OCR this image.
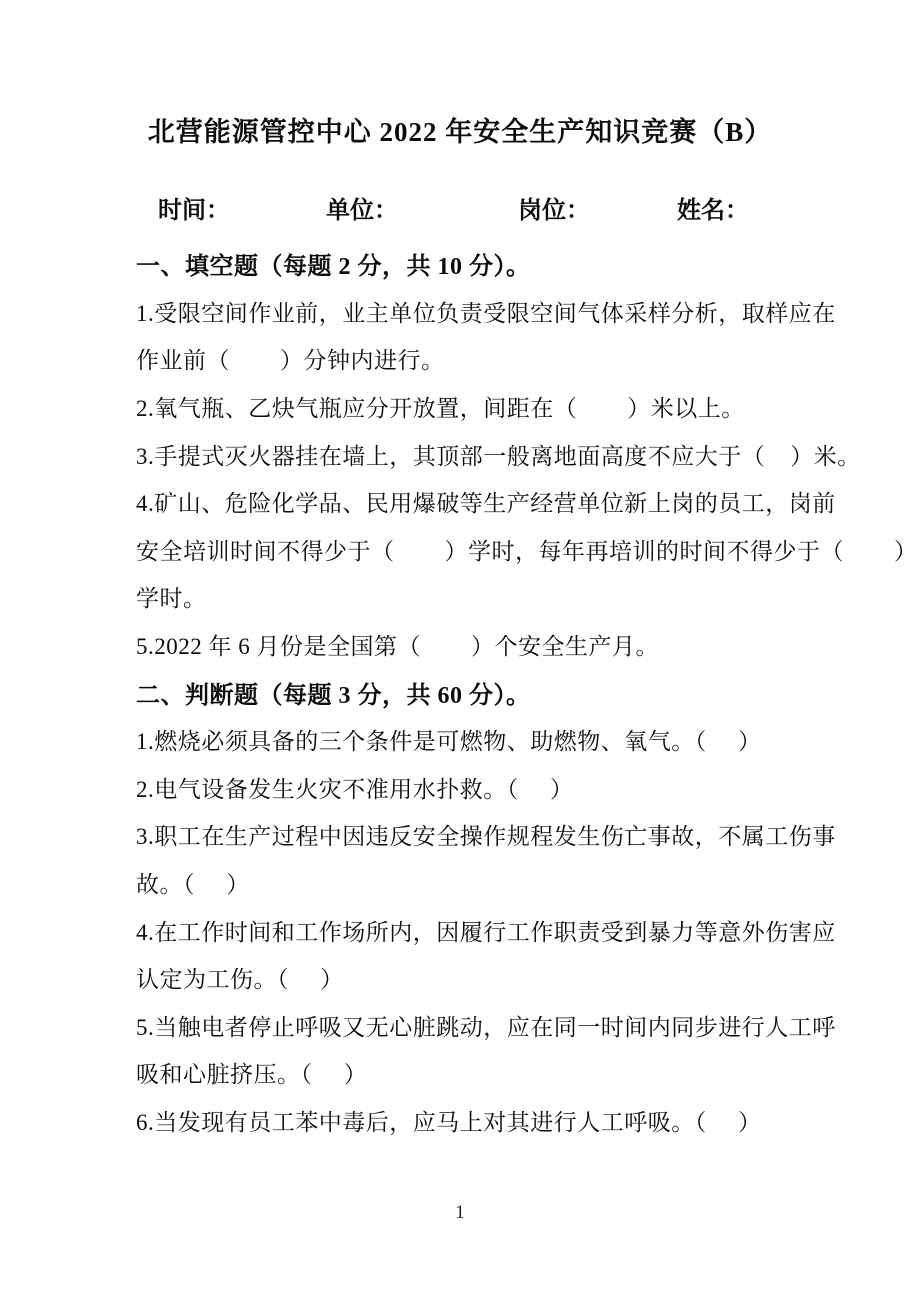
北营能源管控中心 2022 年安全生产知识竞赛（B）
时间：	单位：	岗位：	姓名：
一、填空题（每题 2 分，共 10 分）。
1.受限空间作业前，业主单位负责受限空间气体采样分析，取样应在
作业前（        ）分钟内进行。
2.氧气瓶、乙炔气瓶应分开放置，间距在（        ）米以上。
3.手提式灭火器挂在墙上，其顶部一般离地面高度不应大于（    ）米。
4.矿山、危险化学品、民用爆破等生产经营单位新上岗的员工，岗前
安全培训时间不得少于（        ）学时，每年再培训的时间不得少于（        ）
学时。
5.2022 年 6 月份是全国第（        ）个安全生产月。
二、判断题（每题 3 分，共 60 分）。
1.燃烧必须具备的三个条件是可燃物、助燃物、氧气。（     ）
2.电气设备发生火灾不准用水扑救。（     ）
3.职工在生产过程中因违反安全操作规程发生伤亡事故，不属工伤事
故。（     ）
4.在工作时间和工作场所内，因履行工作职责受到暴力等意外伤害应
认定为工伤。（     ）
5.当触电者停止呼吸又无心脏跳动，应在同一时间内同步进行人工呼
吸和心脏挤压。（     ）
6.当发现有员工苯中毒后，应马上对其进行人工呼吸。（     ）
1
